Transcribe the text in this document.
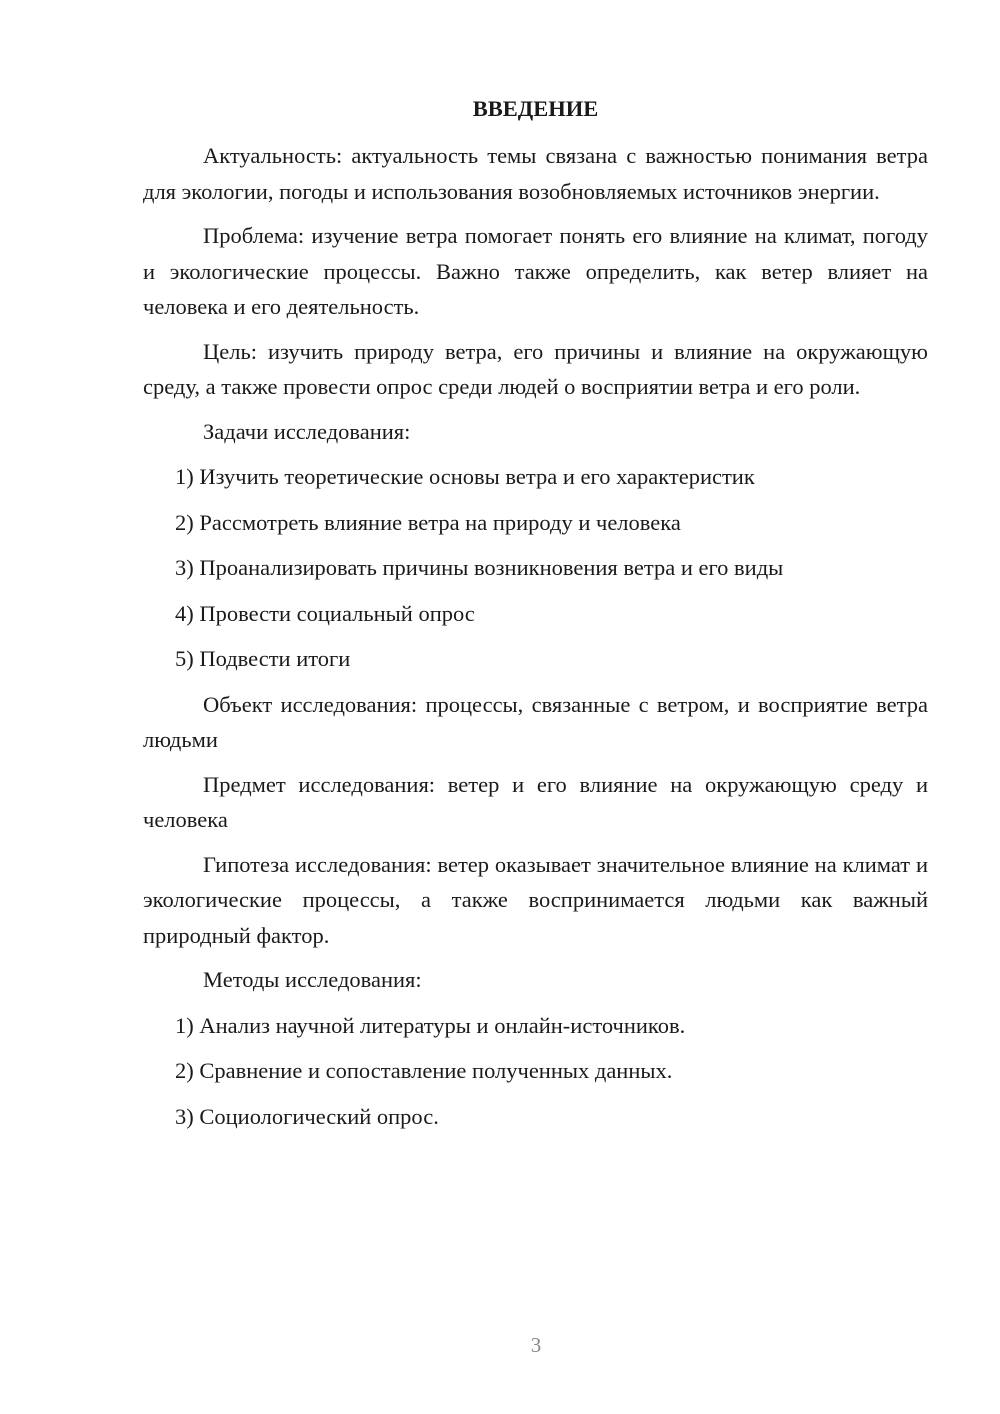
ВВЕДЕНИЕ

Актуальность: актуальность темы связана с важностью понимания ветра для экологии, погоды и использования возобновляемых источников энергии.

Проблема: изучение ветра помогает понять его влияние на климат, погоду и экологические процессы. Важно также определить, как ветер влияет на человека и его деятельность.

Цель: изучить природу ветра, его причины и влияние на окружающую среду, а также провести опрос среди людей о восприятии ветра и его роли.

Задачи исследования:

1) Изучить теоретические основы ветра и его характеристик
2) Рассмотреть влияние ветра на природу и человека
3) Проанализировать причины возникновения ветра и его виды
4) Провести социальный опрос
5) Подвести итоги

Объект исследования: процессы, связанные с ветром, и восприятие ветра людьми

Предмет исследования: ветер и его влияние на окружающую среду и человека

Гипотеза исследования: ветер оказывает значительное влияние на климат и экологические процессы, а также воспринимается людьми как важный природный фактор.

Методы исследования:

1) Анализ научной литературы и онлайн-источников.
2) Сравнение и сопоставление полученных данных.
3) Социологический опрос.
3
